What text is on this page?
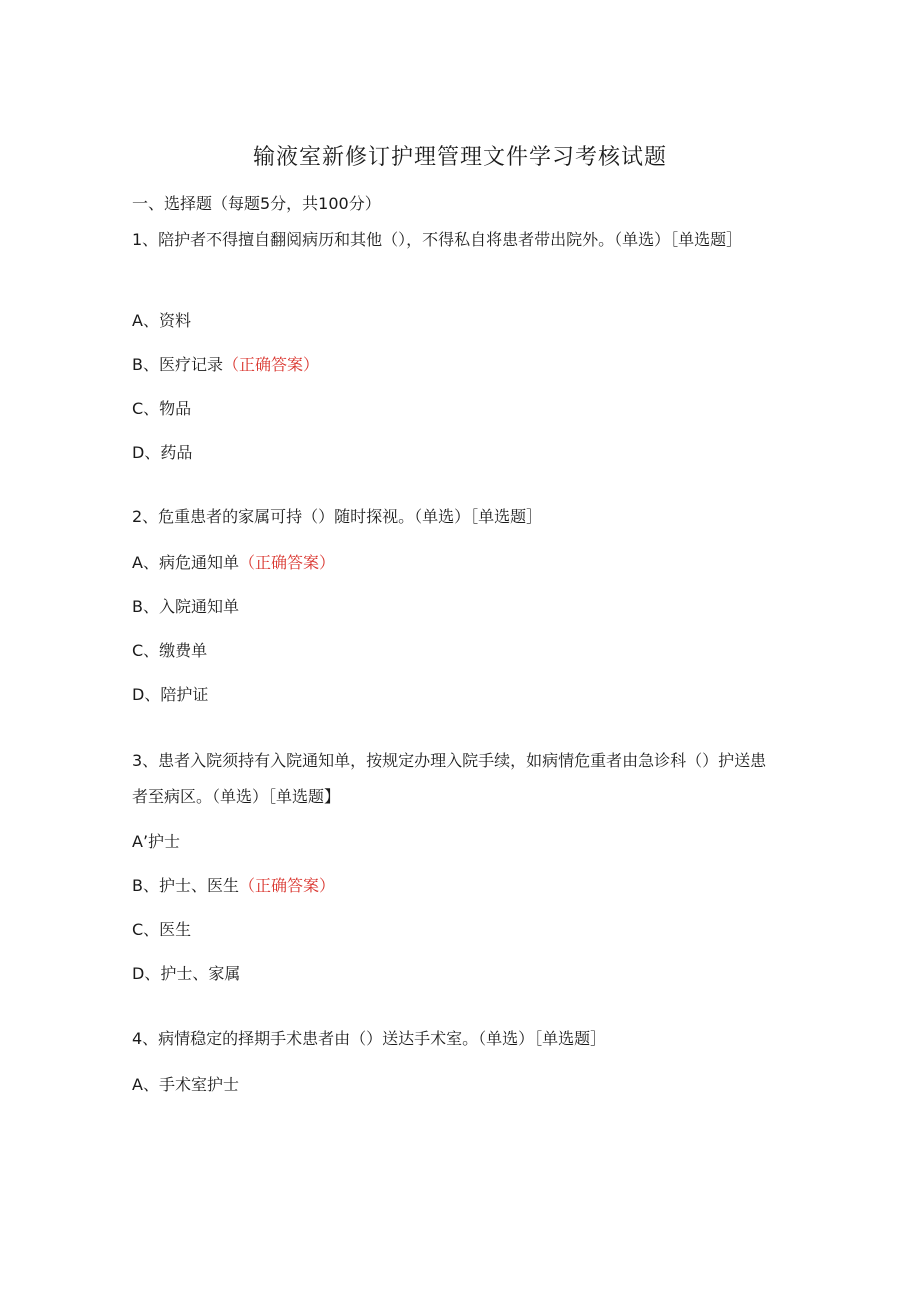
输液室新修订护理管理文件学习考核试题
一、选择题（每题5分，共100分）
1、陪护者不得擅自翻阅病历和其他（），不得私自将患者带出院外。（单选）［单选题］
A、资料
B、医疗记录（正确答案）
C、物品
D、药品
2、危重患者的家属可持（）随时探视。（单选）［单选题］
A、病危通知单（正确答案）
B、入院通知单
C、缴费单
D、陪护证
3、患者入院须持有入院通知单，按规定办理入院手续，如病情危重者由急诊科（）护送患者至病区。（单选）［单选题】
A’护士
B、护士、医生（正确答案）
C、医生
D、护士、家属
4、病情稳定的择期手术患者由（）送达手术室。（单选）［单选题］
A、手术室护士
